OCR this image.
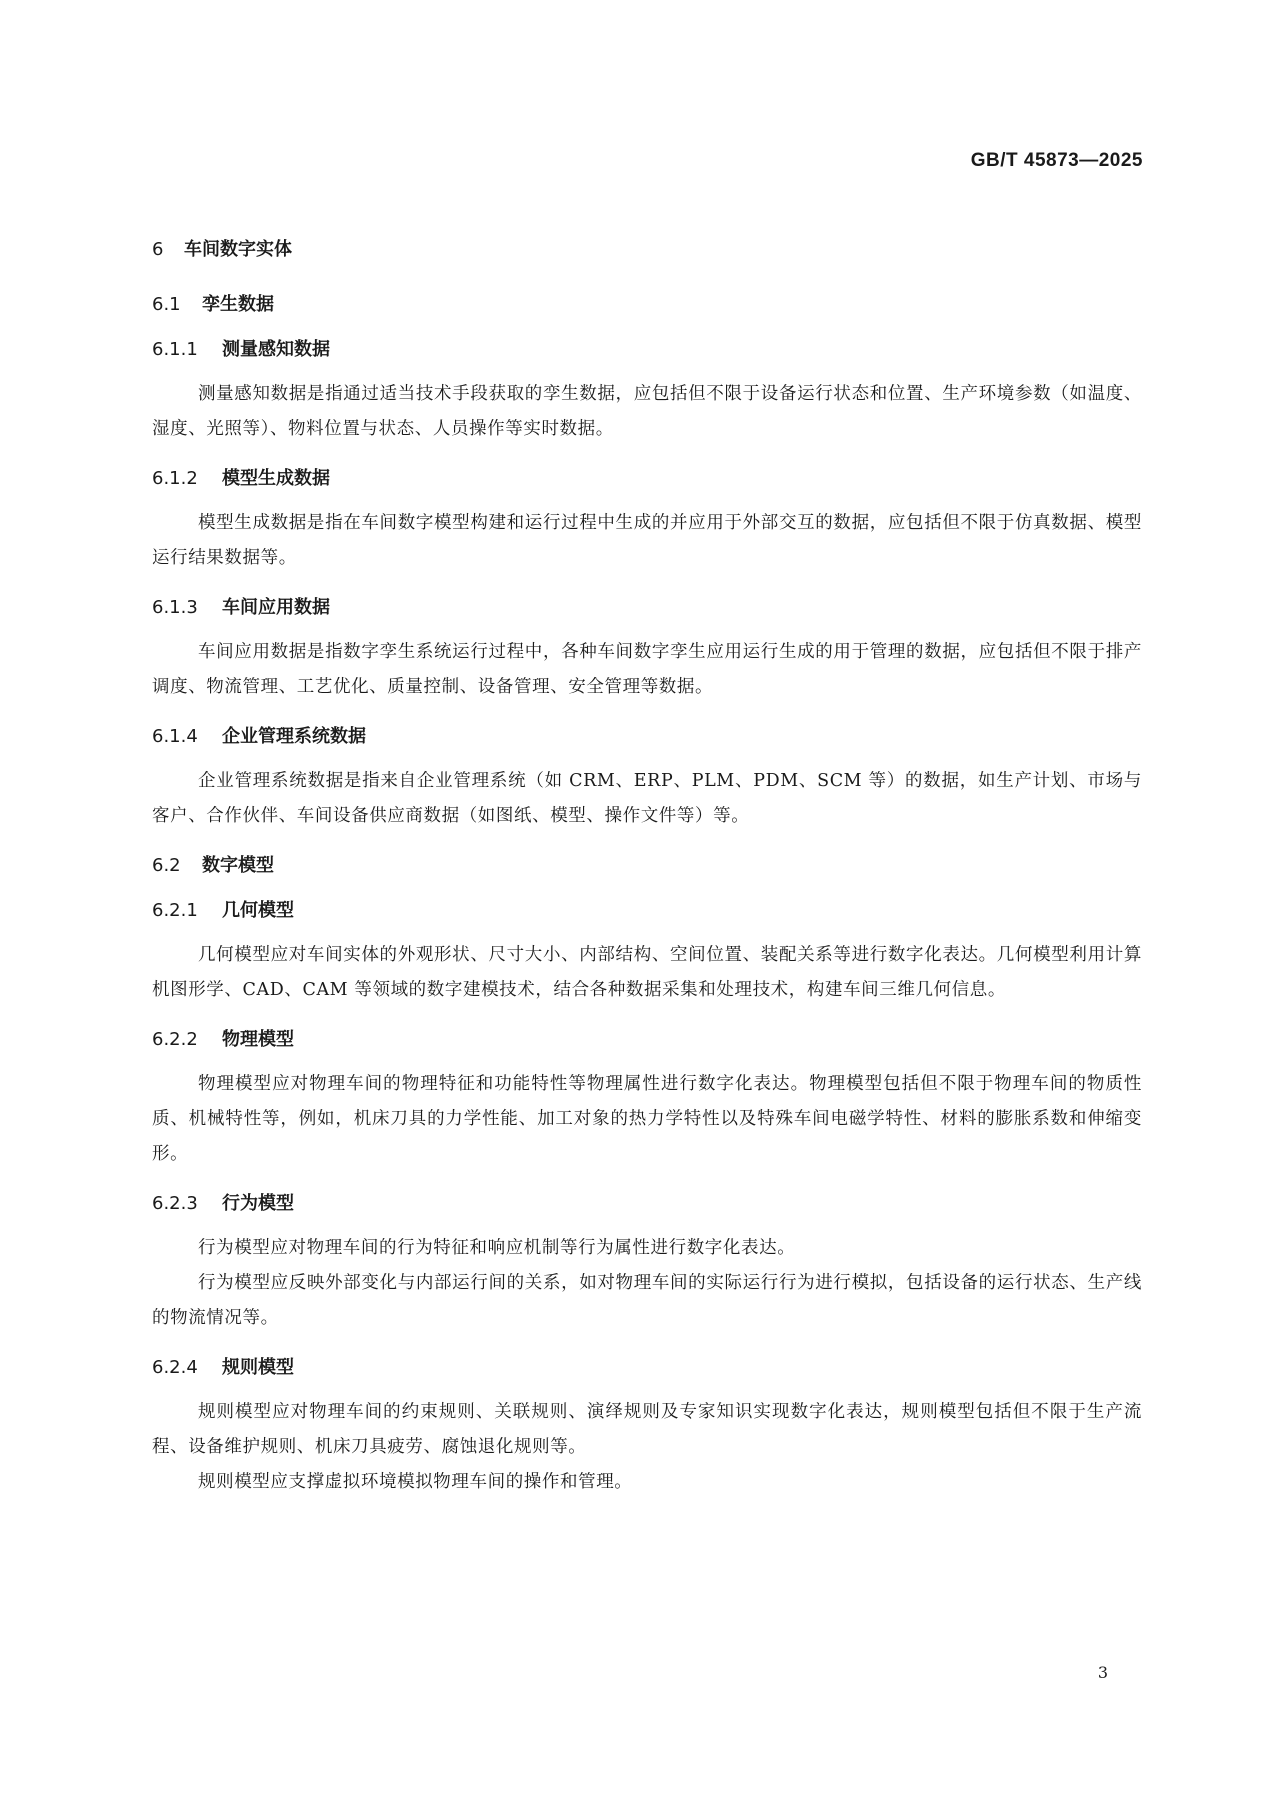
GB/T 45873—2025
6 车间数字实体
6.1 孪生数据
6.1.1 测量感知数据

测量感知数据是指通过适当技术手段获取的孪生数据，应包括但不限于设备运行状态和位置、生产环境参数（如温度、湿度、光照等）、物料位置与状态、人员操作等实时数据。

6.1.2 模型生成数据

模型生成数据是指在车间数字模型构建和运行过程中生成的并应用于外部交互的数据，应包括但不限于仿真数据、模型运行结果数据等。

6.1.3 车间应用数据

车间应用数据是指数字孪生系统运行过程中，各种车间数字孪生应用运行生成的用于管理的数据，应包括但不限于排产调度、物流管理、工艺优化、质量控制、设备管理、安全管理等数据。

6.1.4 企业管理系统数据

企业管理系统数据是指来自企业管理系统（如 CRM、ERP、PLM、PDM、SCM 等）的数据，如生产计划、市场与客户、合作伙伴、车间设备供应商数据（如图纸、模型、操作文件等）等。

6.2 数字模型
6.2.1 几何模型

几何模型应对车间实体的外观形状、尺寸大小、内部结构、空间位置、装配关系等进行数字化表达。几何模型利用计算机图形学、CAD、CAM 等领域的数字建模技术，结合各种数据采集和处理技术，构建车间三维几何信息。

6.2.2 物理模型

物理模型应对物理车间的物理特征和功能特性等物理属性进行数字化表达。物理模型包括但不限于物理车间的物质性质、机械特性等，例如，机床刀具的力学性能、加工对象的热力学特性以及特殊车间电磁学特性、材料的膨胀系数和伸缩变形。

6.2.3 行为模型

行为模型应对物理车间的行为特征和响应机制等行为属性进行数字化表达。

行为模型应反映外部变化与内部运行间的关系，如对物理车间的实际运行行为进行模拟，包括设备的运行状态、生产线的物流情况等。

6.2.4 规则模型

规则模型应对物理车间的约束规则、关联规则、演绎规则及专家知识实现数字化表达，规则模型包括但不限于生产流程、设备维护规则、机床刀具疲劳、腐蚀退化规则等。

规则模型应支撑虚拟环境模拟物理车间的操作和管理。

3
